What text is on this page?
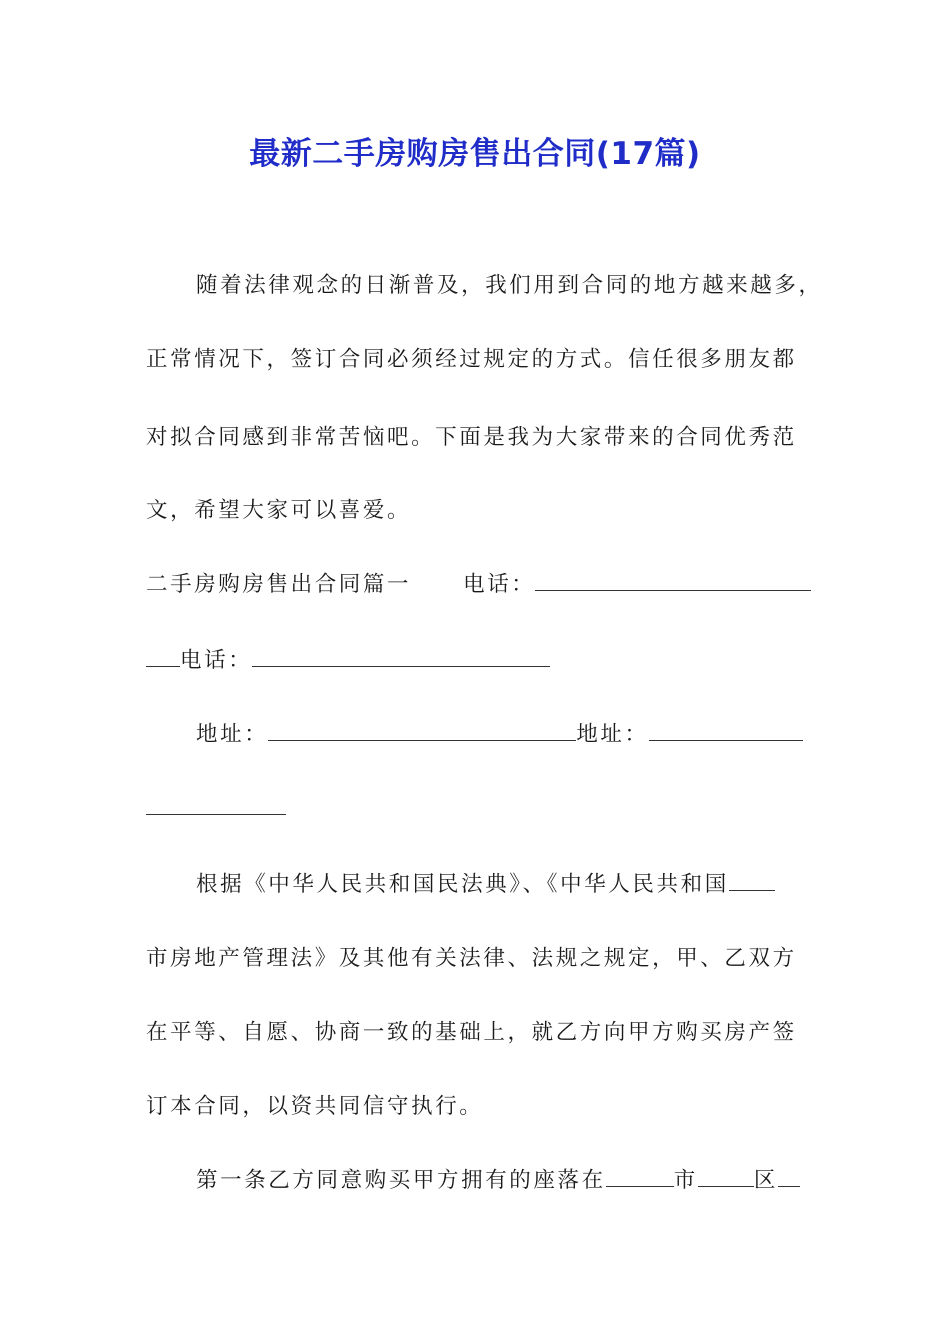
最新二手房购房售出合同(17篇)
随着法律观念的日渐普及，我们用到合同的地方越来越多，
正常情况下，签订合同必须经过规定的方式。信任很多朋友都
对拟合同感到非常苦恼吧。下面是我为大家带来的合同优秀范
文，希望大家可以喜爱。
二手房购房售出合同篇一 电话：
电话：
地址：	地址：
根据《中华人民共和国民法典》、《中华人民共和国
市房地产管理法》及其他有关法律、法规之规定，甲、乙双方
在平等、自愿、协商一致的基础上，就乙方向甲方购买房产签
订本合同，以资共同信守执行。
第一条乙方同意购买甲方拥有的座落在	市	区
